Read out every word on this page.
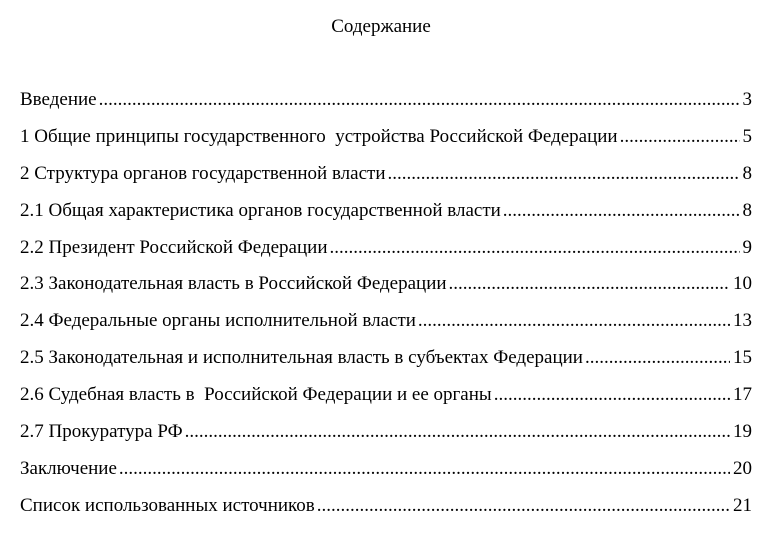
Содержание
Введение .....	3
1 Общие принципы государственного  устройства Российской Федерации .....	5
2 Структура органов государственной власти .....	8
2.1 Общая характеристика органов государственной власти .....	8
2.2 Президент Российской Федерации .....	9
2.3 Законодательная власть в Российской Федерации .....	10
2.4 Федеральные органы исполнительной власти .....	13
2.5 Законодательная и исполнительная власть в субъектах Федерации .....	15
2.6 Судебная власть в  Российской Федерации и ее органы .....	17
2.7 Прокуратура РФ .....	19
Заключение .....	20
Список использованных источников .....	21
